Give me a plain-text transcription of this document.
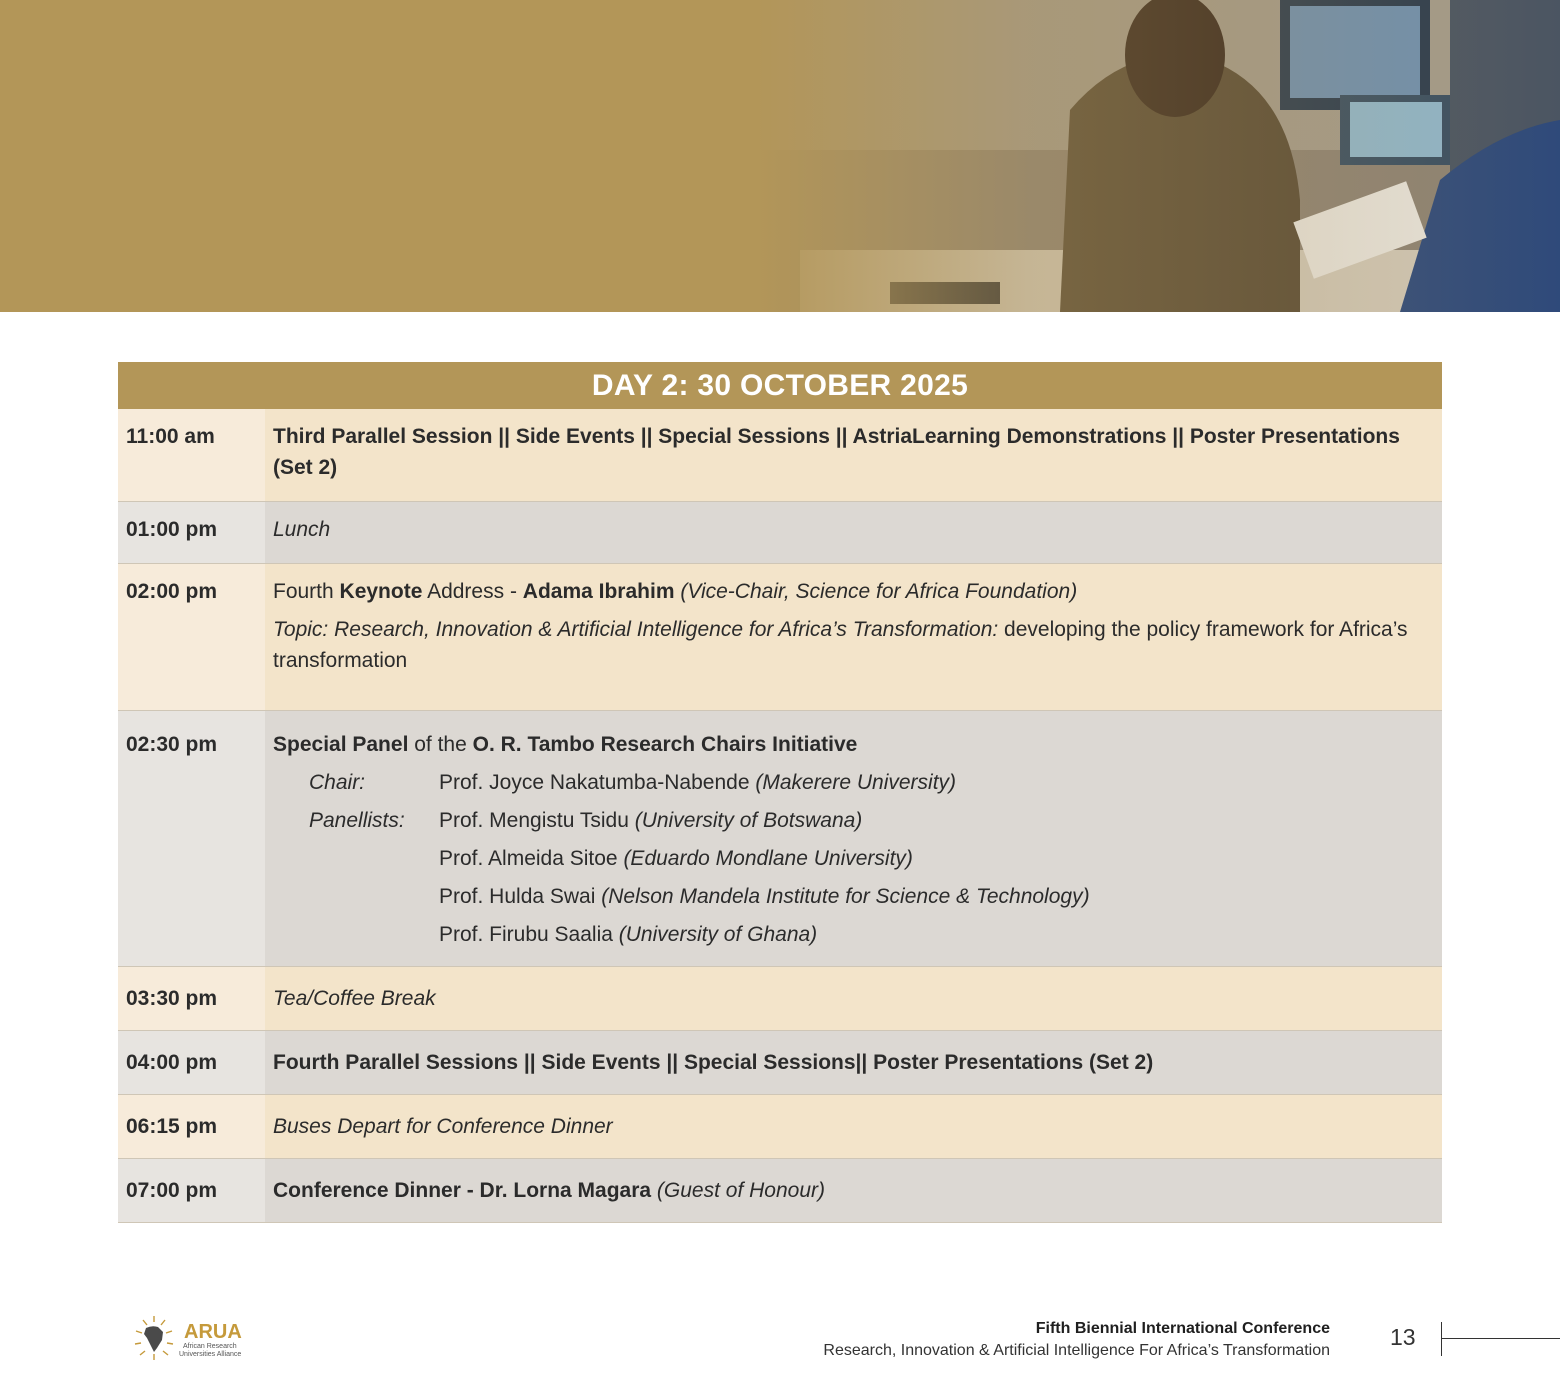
DAY 2: 30 OCTOBER 2025
11:00 am	Third Parallel Session || Side Events || Special Sessions || AstriaLearning Demonstrations || Poster Presentations (Set 2)
01:00 pm	Lunch
02:00 pm	Fourth Keynote Address - Adama Ibrahim (Vice-Chair, Science for Africa Foundation)
Topic: Research, Innovation & Artificial Intelligence for Africa’s Transformation: developing the policy framework for Africa’s transformation
02:30 pm	Special Panel of the O. R. Tambo Research Chairs Initiative
Chair:	Prof. Joyce Nakatumba-Nabende (Makerere University)
Panellists:	Prof. Mengistu Tsidu (University of Botswana)
Prof. Almeida Sitoe (Eduardo Mondlane University)
Prof. Hulda Swai (Nelson Mandela Institute for Science & Technology)
Prof. Firubu Saalia (University of Ghana)
03:30 pm	Tea/Coffee Break
04:00 pm	Fourth Parallel Sessions || Side Events || Special Sessions|| Poster Presentations (Set 2)
06:15 pm	Buses Depart for Conference Dinner
07:00 pm	Conference Dinner - Dr. Lorna Magara (Guest of Honour)
ARUA
African Research
Universities Alliance
Fifth Biennial International Conference
Research, Innovation & Artificial Intelligence For Africa’s Transformation
13
